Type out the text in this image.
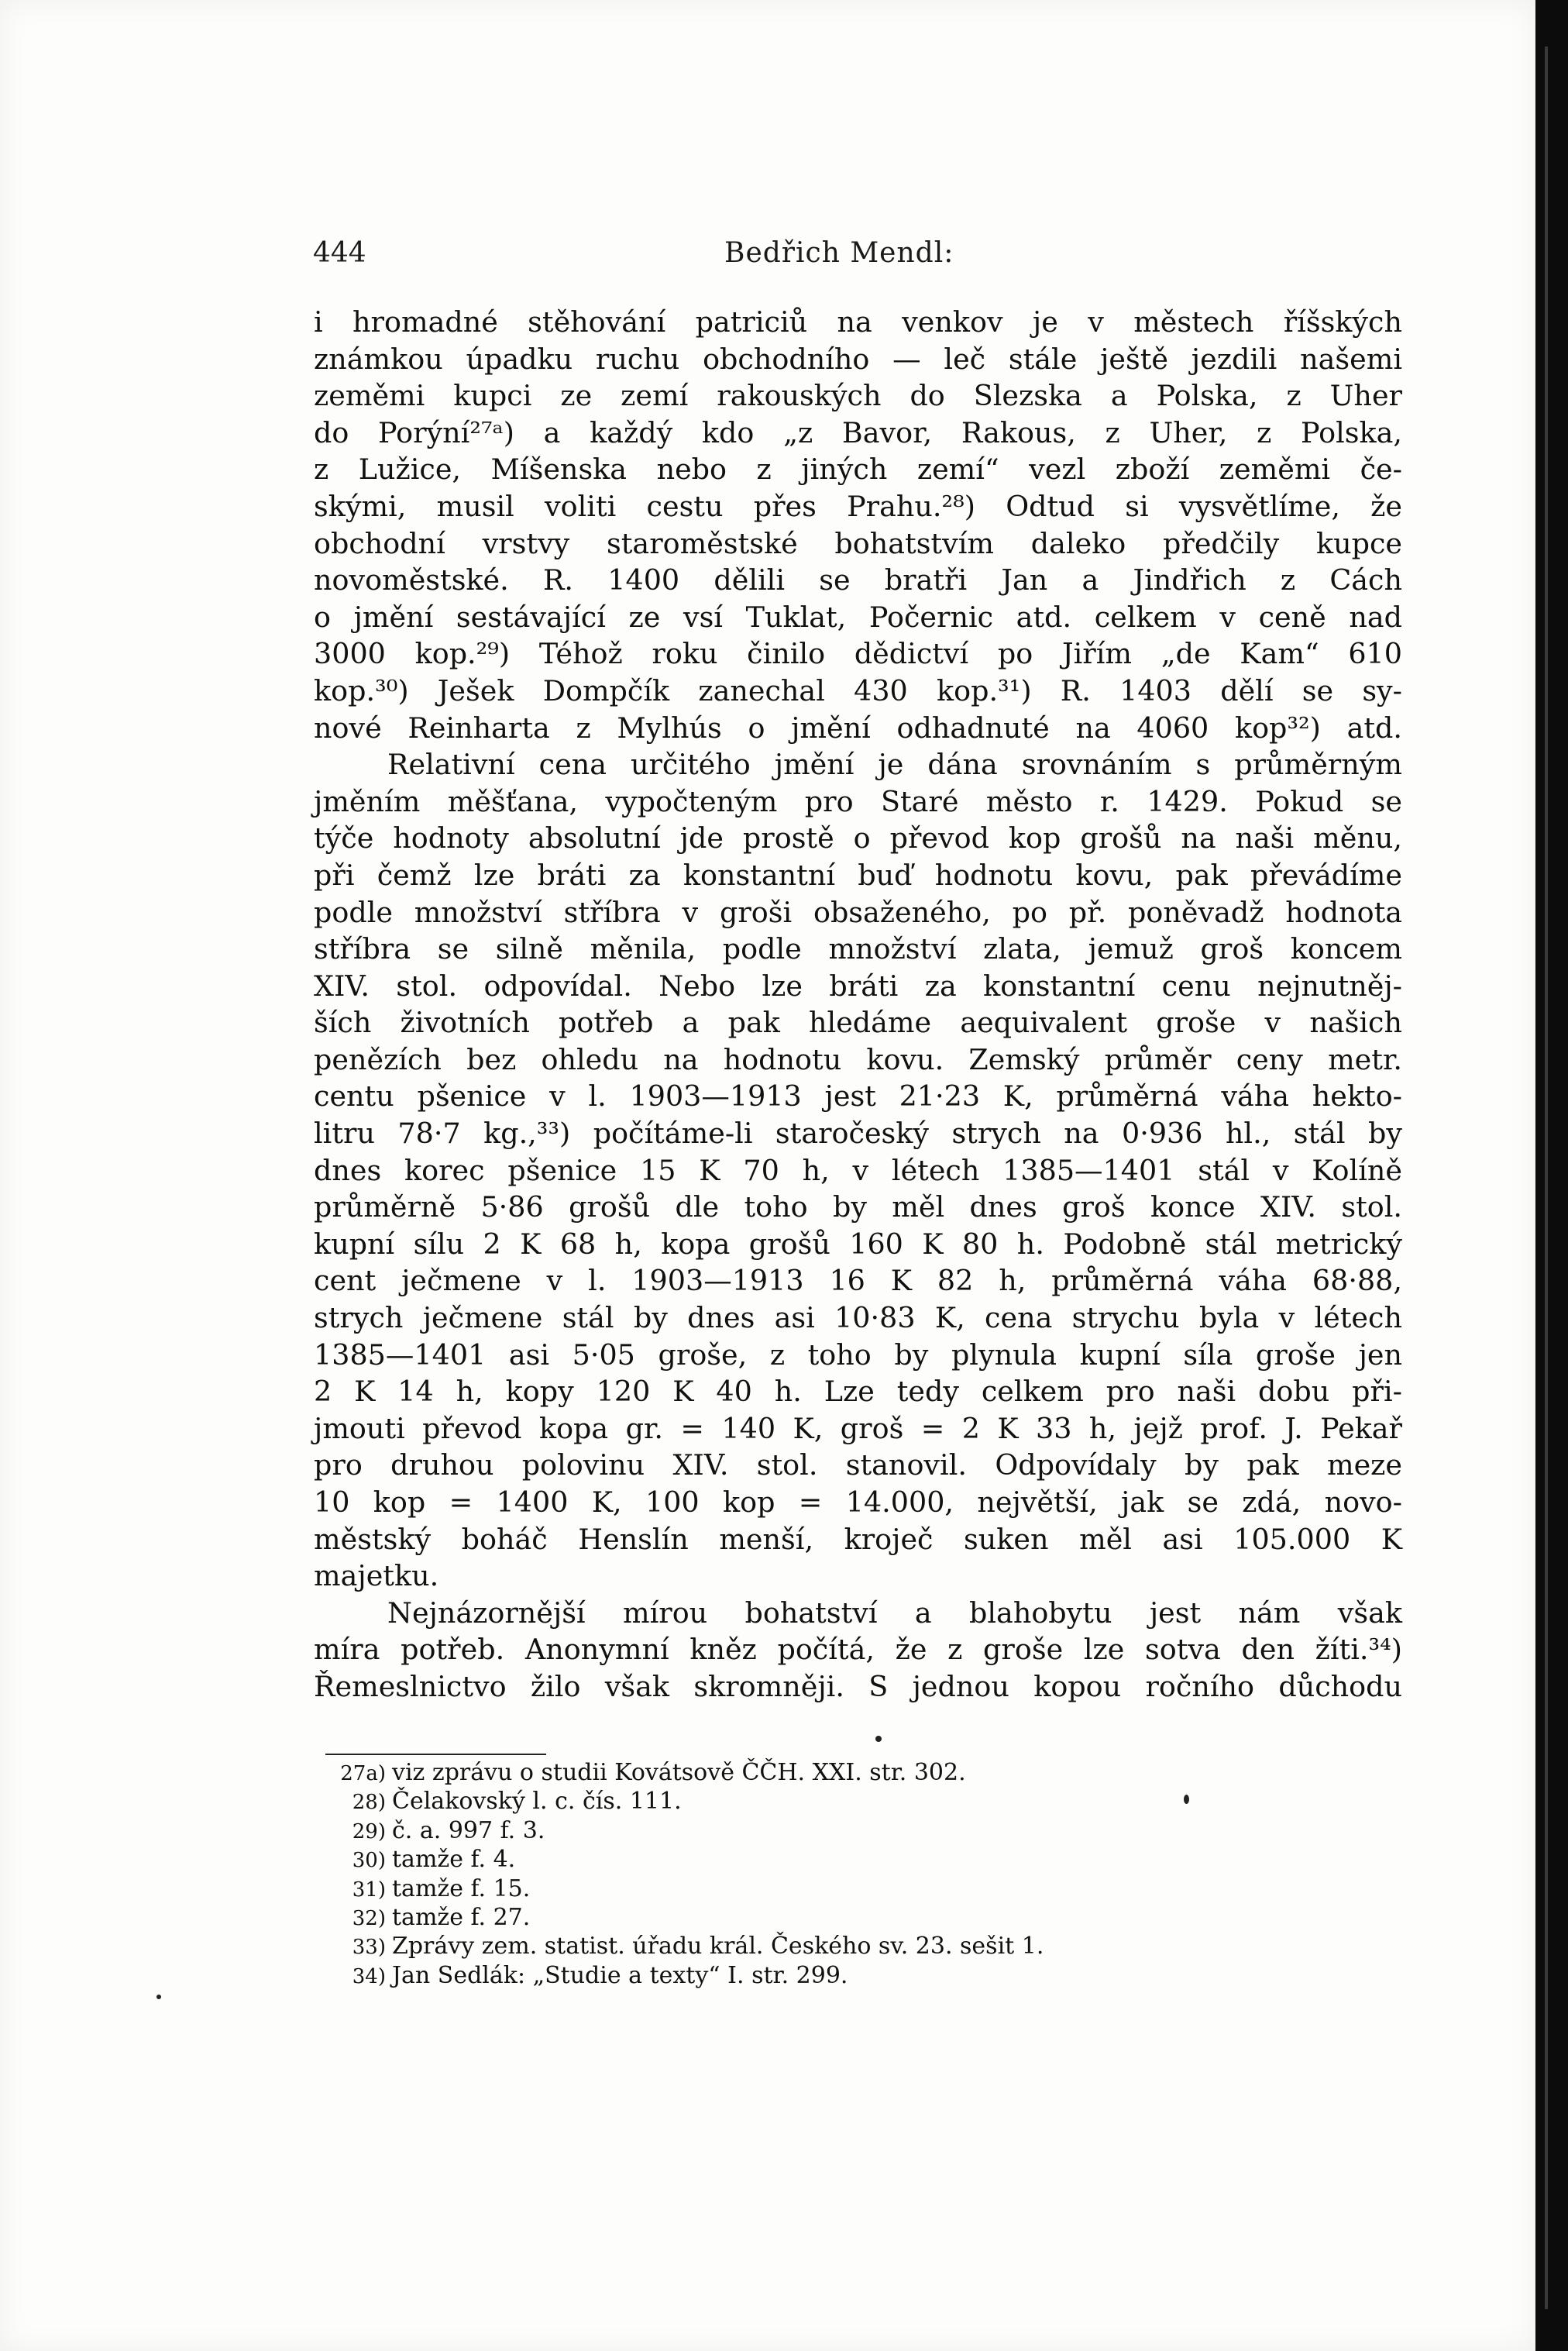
444	Bedřich Mendl:
i hromadné stěhování patriciů na venkov je v městech říšských
známkou úpadku ruchu obchodního — leč stále ještě jezdili našemi
zeměmi kupci ze zemí rakouských do Slezska a Polska, z Uher
do Porýní²⁷ᵃ) a každý kdo „z Bavor, Rakous, z Uher, z Polska,
z Lužice, Míšenska nebo z jiných zemí“ vezl zboží zeměmi če-
skými, musil voliti cestu přes Prahu.²⁸) Odtud si vysvětlíme, že
obchodní vrstvy staroměstské bohatstvím daleko předčily kupce
novoměstské. R. 1400 dělili se bratři Jan a Jindřich z Cách
o jmění sestávající ze vsí Tuklat, Počernic atd. celkem v ceně nad
3000 kop.²⁹) Téhož roku činilo dědictví po Jiřím „de Kam“ 610
kop.³⁰) Ješek Dompčík zanechal 430 kop.³¹) R. 1403 dělí se sy-
nové Reinharta z Mylhús o jmění odhadnuté na 4060 kop³²) atd.
Relativní cena určitého jmění je dána srovnáním s průměrným
jměním měšťana, vypočteným pro Staré město r. 1429. Pokud se
týče hodnoty absolutní jde prostě o převod kop grošů na naši měnu,
při čemž lze bráti za konstantní buď hodnotu kovu, pak převádíme
podle množství stříbra v groši obsaženého, po př. poněvadž hodnota
stříbra se silně měnila, podle množství zlata, jemuž groš koncem
XIV. stol. odpovídal. Nebo lze bráti za konstantní cenu nejnutněj-
ších životních potřeb a pak hledáme aequivalent groše v našich
penězích bez ohledu na hodnotu kovu. Zemský průměr ceny metr.
centu pšenice v l. 1903—1913 jest 21·23 K, průměrná váha hekto-
litru 78·7 kg.,³³) počítáme-li staročeský strych na 0·936 hl., stál by
dnes korec pšenice 15 K 70 h, v létech 1385—1401 stál v Kolíně
průměrně 5·86 grošů dle toho by měl dnes groš konce XIV. stol.
kupní sílu 2 K 68 h, kopa grošů 160 K 80 h. Podobně stál metrický
cent ječmene v l. 1903—1913 16 K 82 h, průměrná váha 68·88,
strych ječmene stál by dnes asi 10·83 K, cena strychu byla v létech
1385—1401 asi 5·05 groše, z toho by plynula kupní síla groše jen
2 K 14 h, kopy 120 K 40 h. Lze tedy celkem pro naši dobu při-
jmouti převod kopa gr. = 140 K, groš = 2 K 33 h, jejž prof. J. Pekař
pro druhou polovinu XIV. stol. stanovil. Odpovídaly by pak meze
10 kop = 1400 K, 100 kop = 14.000, největší, jak se zdá, novo-
městský boháč Henslín menší, kroječ suken měl asi 105.000 K
majetku.
Nejnázornější mírou bohatství a blahobytu jest nám však
míra potřeb. Anonymní kněz počítá, že z groše lze sotva den žíti.³⁴)
Řemeslnictvo žilo však skromněji. S jednou kopou ročního důchodu
27a) viz zprávu o studii Kovátsově ČČH. XXI. str. 302.
28) Čelakovský l. c. čís. 111.
29) č. a. 997 f. 3.
30) tamže f. 4.
31) tamže f. 15.
32) tamže f. 27.
33) Zprávy zem. statist. úřadu král. Českého sv. 23. sešit 1.
34) Jan Sedlák: „Studie a texty“ I. str. 299.
